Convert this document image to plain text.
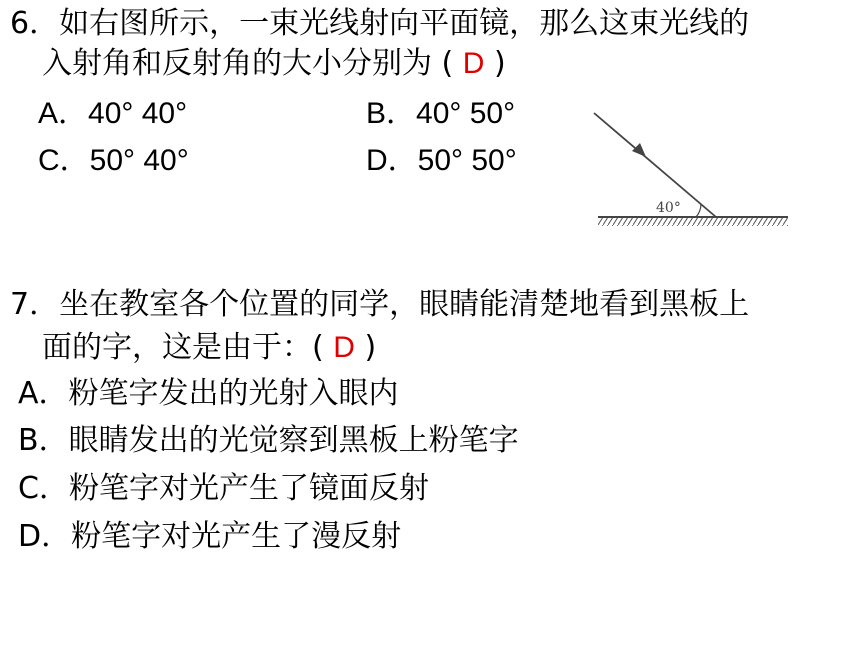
6．如右图所示，一束光线射向平面镜，那么这束光线的
入射角和反射角的大小分别为 ( D )
A．40° 40°	B．40° 50°
C．50° 40°	D．50° 50°
40°
7．坐在教室各个位置的同学，眼睛能清楚地看到黑板上
面的字，这是由于：( D )
A．粉笔字发出的光射入眼内
B．眼睛发出的光觉察到黑板上粉笔字
C．粉笔字对光产生了镜面反射
D．粉笔字对光产生了漫反射
